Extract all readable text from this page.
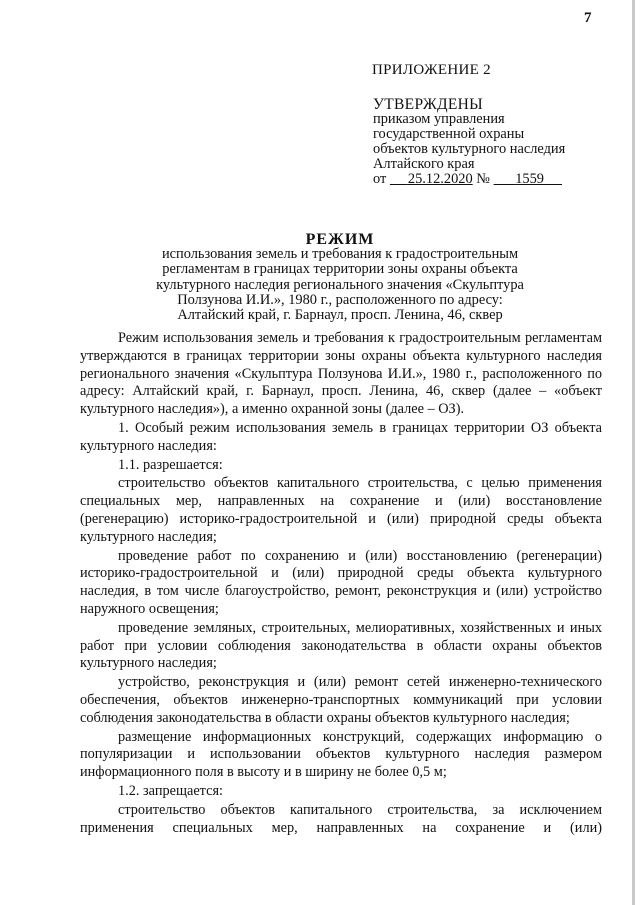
7
ПРИЛОЖЕНИЕ 2
УТВЕРЖДЕНЫ
приказом управления
государственной охраны
объектов культурного наследия
Алтайского края
от 25.12.2020 № 1559
РЕЖИМ
использования земель и требования к градостроительным
регламентам в границах территории зоны охраны объекта
культурного наследия регионального значения «Скульптура
Ползунова И.И.», 1980 г., расположенного по адресу:
Алтайский край, г. Барнаул, просп. Ленина, 46, сквер

Режим использования земель и требования к градостроительным регламентам утверждаются в границах территории зоны охраны объекта культурного наследия регионального значения «Скульптура Ползунова И.И.», 1980 г., расположенного по адресу: Алтайский край, г. Барнаул, просп. Ленина, 46, сквер (далее – «объект культурного наследия»), а именно охранной зоны (далее – ОЗ).

1. Особый режим использования земель в границах территории ОЗ объекта культурного наследия:

1.1. разрешается:

строительство объектов капитального строительства, с целью применения специальных мер, направленных на сохранение и (или) восстановление (регенерацию) историко-градостроительной и (или) природной среды объекта культурного наследия;

проведение работ по сохранению и (или) восстановлению (регенерации) историко-градостроительной и (или) природной среды объекта культурного наследия, в том числе благоустройство, ремонт, реконструкция и (или) устройство наружного освещения;

проведение земляных, строительных, мелиоративных, хозяйственных и иных работ при условии соблюдения законодательства в области охраны объектов культурного наследия;

устройство, реконструкция и (или) ремонт сетей инженерно-технического обеспечения, объектов инженерно-транспортных коммуникаций при условии соблюдения законодательства в области охраны объектов культурного наследия;

размещение информационных конструкций, содержащих информацию о популяризации и использовании объектов культурного наследия размером информационного поля в высоту и в ширину не более 0,5 м;

1.2. запрещается:

строительство объектов капитального строительства, за исключением применения специальных мер, направленных на сохранение и (или)
